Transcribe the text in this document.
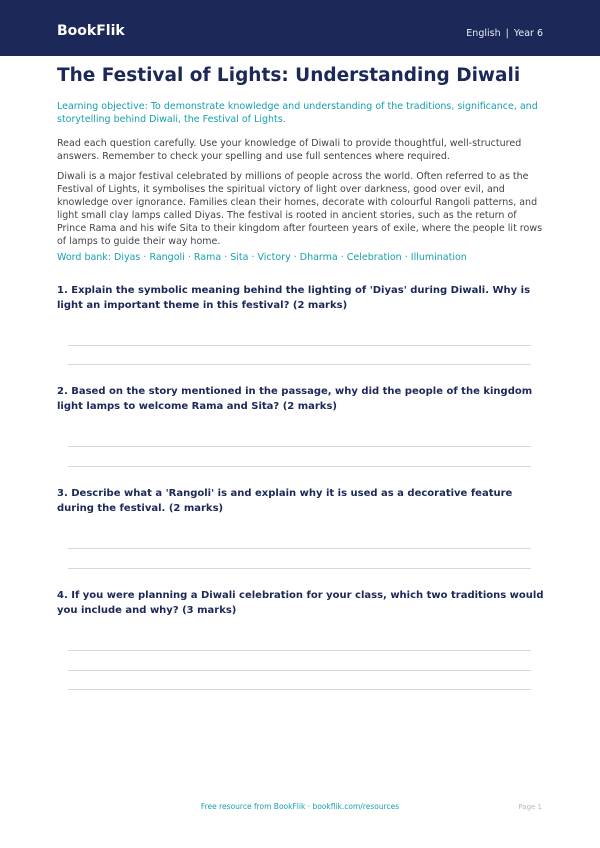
BookFlik	English | Year 6
The Festival of Lights: Understanding Diwali

Learning objective: To demonstrate knowledge and understanding of the traditions, significance, and storytelling behind Diwali, the Festival of Lights.

Read each question carefully. Use your knowledge of Diwali to provide thoughtful, well-structured answers. Remember to check your spelling and use full sentences where required.

Diwali is a major festival celebrated by millions of people across the world. Often referred to as the Festival of Lights, it symbolises the spiritual victory of light over darkness, good over evil, and knowledge over ignorance. Families clean their homes, decorate with colourful Rangoli patterns, and light small clay lamps called Diyas. The festival is rooted in ancient stories, such as the return of Prince Rama and his wife Sita to their kingdom after fourteen years of exile, where the people lit rows of lamps to guide their way home.

Word bank: Diyas · Rangoli · Rama · Sita · Victory · Dharma · Celebration · Illumination

1. Explain the symbolic meaning behind the lighting of 'Diyas' during Diwali. Why is light an important theme in this festival? (2 marks)

2. Based on the story mentioned in the passage, why did the people of the kingdom light lamps to welcome Rama and Sita? (2 marks)

3. Describe what a 'Rangoli' is and explain why it is used as a decorative feature during the festival. (2 marks)

4. If you were planning a Diwali celebration for your class, which two traditions would you include and why? (3 marks)

Free resource from BookFlik · bookflik.com/resources	Page 1
